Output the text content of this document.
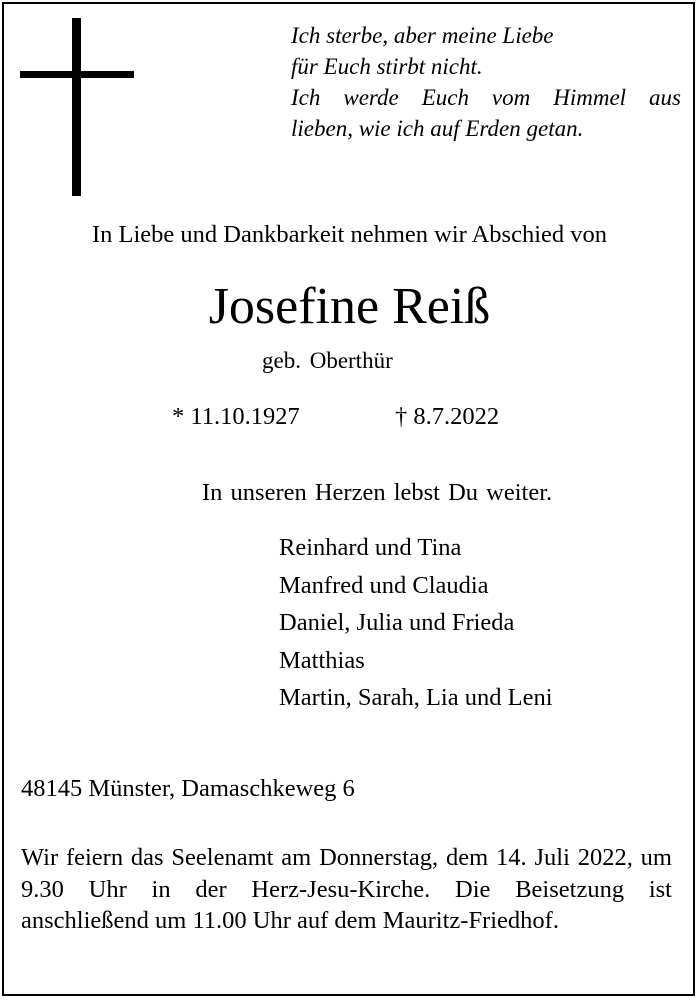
Ich sterbe, aber meine Liebe
für Euch stirbt nicht.
Ich werde Euch vom Himmel aus
lieben, wie ich auf Erden getan.
In Liebe und Dankbarkeit nehmen wir Abschied von
Josefine Reiß
geb. Oberthür
* 11.10.1927	† 8.7.2022
In unseren Herzen lebst Du weiter.
Reinhard und Tina
Manfred und Claudia
Daniel, Julia und Frieda
Matthias
Martin, Sarah, Lia und Leni
48145 Münster, Damaschkeweg 6
Wir feiern das Seelenamt am Donnerstag, dem 14. Juli 2022, um 9.30 Uhr in der Herz-Jesu-Kirche. Die Beisetzung ist anschließend um 11.00 Uhr auf dem Mauritz-Friedhof.
